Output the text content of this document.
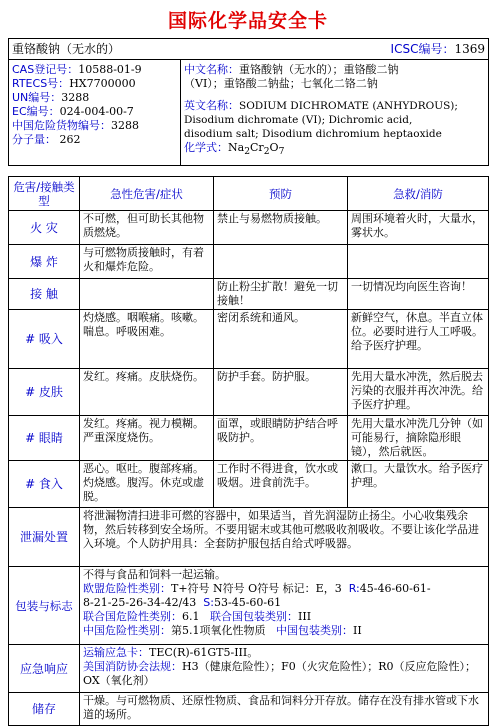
国际化学品安全卡
重铬酸钠（无水的）	ICSC编号：1369

CAS登记号：10588-01-9
RTECS号：HX7700000
UN编号：3288
EC编号：024-004-00-7
中国危险货物编号：3288
分子量： 262

中文名称：重铬酸钠（无水的）；重铬酸二钠
（VI）；重铬酸二钠盐；七氧化二铬二钠
英文名称：SODIUM DICHROMATE (ANHYDROUS);
Disodium dichromate (VI); Dichromic acid,
disodium salt; Disodium dichromium heptaoxide
化学式：$Na_2Cr_2O_7$
危害/接触类型	急性危害/症状	预防	急救/消防
火 灾	不可燃，但可助长其他物质燃烧。	禁止与易燃物质接触。	周围环境着火时，大量水，雾状水。
爆 炸	与可燃物质接触时，有着火和爆炸危险。		
接 触		防止粉尘扩散！避免一切接触！	一切情况均向医生咨询！
# 吸入	灼烧感。咽喉痛。咳嗽。喘息。呼吸困难。	密闭系统和通风。	新鲜空气，休息。半直立体位。必要时进行人工呼吸。给予医疗护理。
# 皮肤	发红。疼痛。皮肤烧伤。	防护手套。防护服。	先用大量水冲洗，然后脱去污染的衣服并再次冲洗。给予医疗护理。
# 眼睛	发红。疼痛。视力模糊。严重深度烧伤。	面罩，或眼睛防护结合呼吸防护。	先用大量水冲洗几分钟（如可能易行，摘除隐形眼镜），然后就医。
# 食入	恶心。呕吐。腹部疼痛。灼烧感。腹泻。休克或虚脱。	工作时不得进食，饮水或吸烟。进食前洗手。	漱口。大量饮水。给予医疗护理。
泄漏处置	将泄漏物清扫进非可燃的容器中，如果适当，首先润湿防止扬尘。小心收集残余物，然后转移到安全场所。不要用锯末或其他可燃吸收剂吸收。不要让该化学品进入环境。个人防护用具：全套防护服包括自给式呼吸器。		
包装与标志	不得与食品和饲料一起运输。
欧盟危险性类别：T+符号 N符号 O符号 标记：E，3 R:45-46-60-61-
8-21-25-26-34-42/43 S:53-45-60-61
联合国危险性类别：6.1 联合国包装类别：III
中国危险性类别：第5.1项氧化性物质 中国包装类别：II		

应急响应	运输应急卡：TEC(R)-61GT5-III。
美国消防协会法规：H3（健康危险性）；F0（火灾危险性）；R0（反应危险性）；OX（氧化剂）		

储存	干燥。与可燃物质、还原性物质、食品和饲料分开存放。储存在没有排水管或下水道的场所。		
